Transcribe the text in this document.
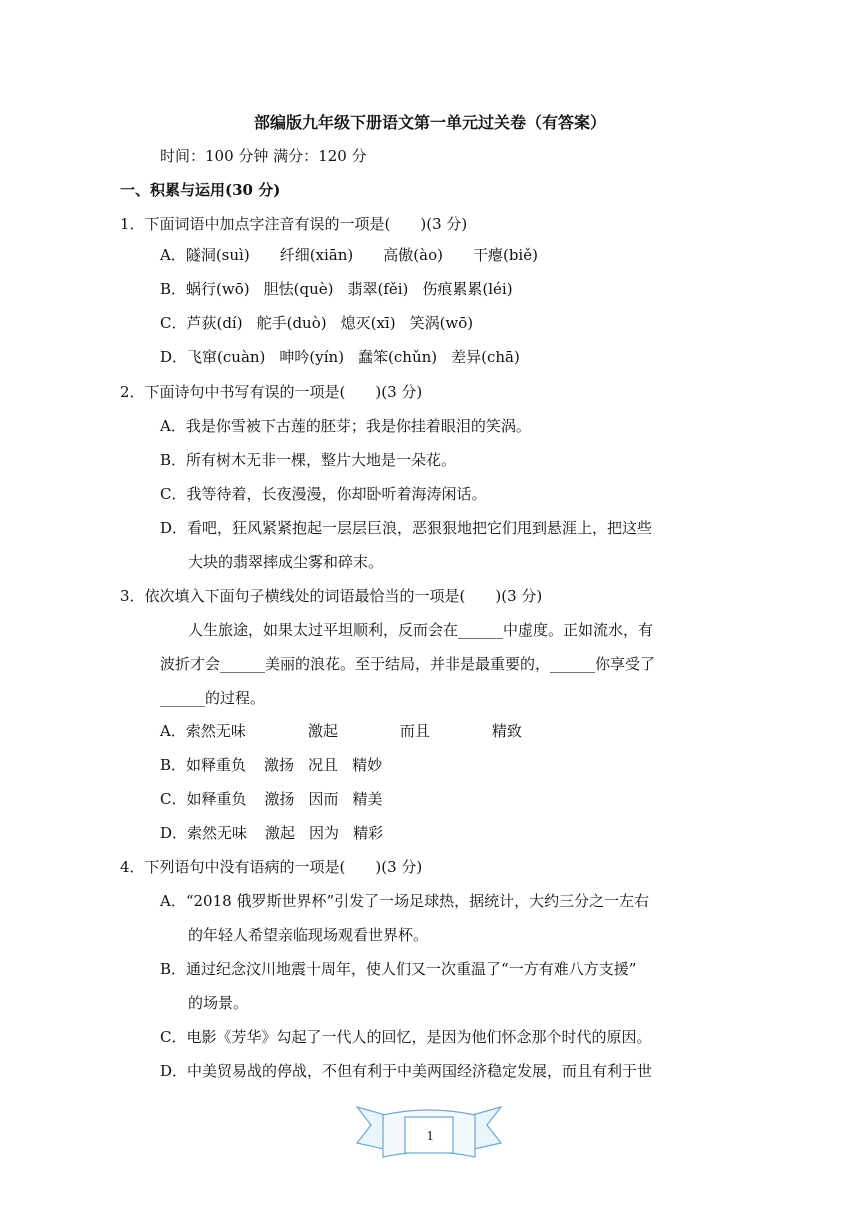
部编版九年级下册语文第一单元过关卷（有答案）
时间：100 分钟 满分：120 分
一、积累与运用(30 分)
1．下面词语中加点字注音有误的一项是(　　)(3 分)
A．隧洞(suì) 纤细(xiān) 高傲(ào) 干瘪(biě)
B．蜗行(wō) 胆怯(què) 翡翠(fěi) 伤痕累累(léi)
C．芦荻(dí) 舵手(duò) 熄灭(xī) 笑涡(wō)
D．飞窜(cuàn) 呻吟(yín) 蠢笨(chǔn) 差异(chā)
2．下面诗句中书写有误的一项是(　　)(3 分)
A．我是你雪被下古莲的胚芽；我是你挂着眼泪的笑涡。
B．所有树木无非一棵，整片大地是一朵花。
C．我等待着，长夜漫漫，你却卧听着海涛闲话。
D．看吧，狂风紧紧抱起一层层巨浪，恶狠狠地把它们甩到悬涯上，把这些
大块的翡翠摔成尘雾和碎末。
3．依次填入下面句子横线处的词语最恰当的一项是(　　)(3 分)
人生旅途，如果太过平坦顺利，反而会在______中虚度。正如流水，有
波折才会______美丽的浪花。至于结局，并非是最重要的，______你享受了
______的过程。
A．索然无味	激起	而且	精致
B．如释重负 激扬 况且 精妙
C．如释重负 激扬 因而 精美
D．索然无味 激起 因为 精彩
4．下列语句中没有语病的一项是(　　)(3 分)
A．“2018 俄罗斯世界杯”引发了一场足球热，据统计，大约三分之一左右
的年轻人希望亲临现场观看世界杯。
B．通过纪念汶川地震十周年，使人们又一次重温了“一方有难八方支援”
的场景。
C．电影《芳华》勾起了一代人的回忆，是因为他们怀念那个时代的原因。
D．中美贸易战的停战，不但有利于中美两国经济稳定发展，而且有利于世
1
